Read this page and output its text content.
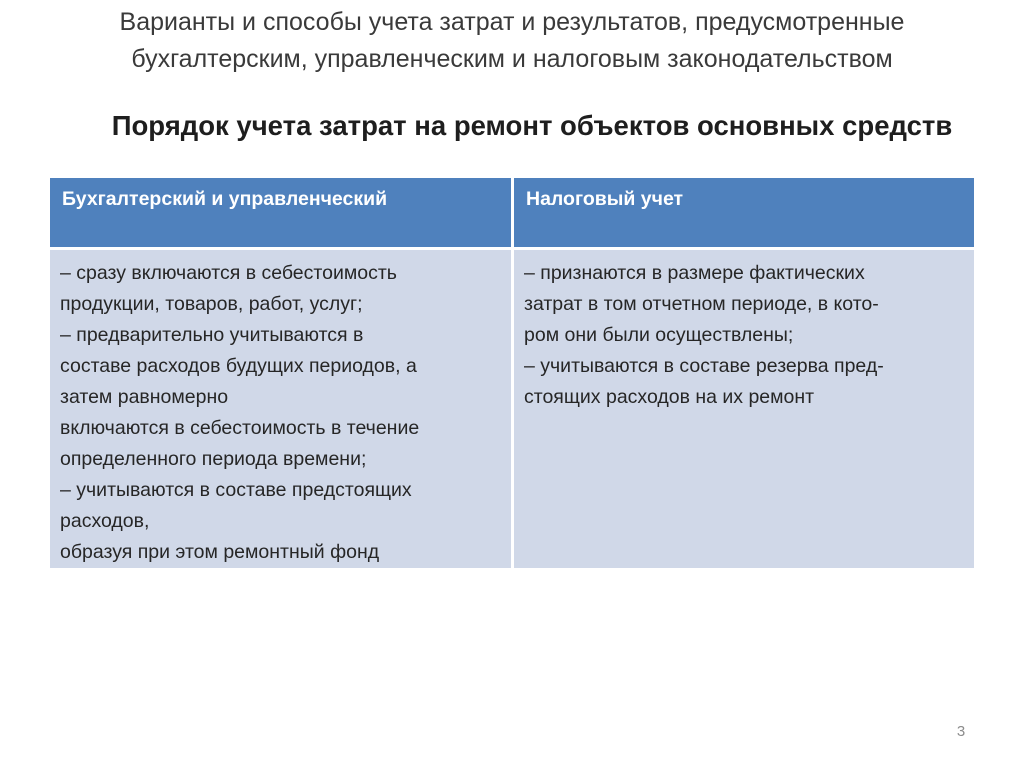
Варианты и способы учета затрат и результатов, предусмотренные
бухгалтерским, управленческим и налоговым законодательством
Порядок учета затрат на ремонт объектов основных средств
Бухгалтерский и управленческий	Налоговый учет
– сразу включаются в себестоимость
продукции, товаров, работ, услуг;
– предварительно учитываются в
составе расходов будущих периодов, а
затем равномерно
включаются в себестоимость в течение
определенного периода времени;
– учитываются в составе предстоящих
расходов,
образуя при этом ремонтный фонд
– признаются в размере фактических
затрат в том отчетном периоде, в кото-
ром они были осуществлены;
– учитываются в составе резерва пред-
стоящих расходов на их ремонт
3
